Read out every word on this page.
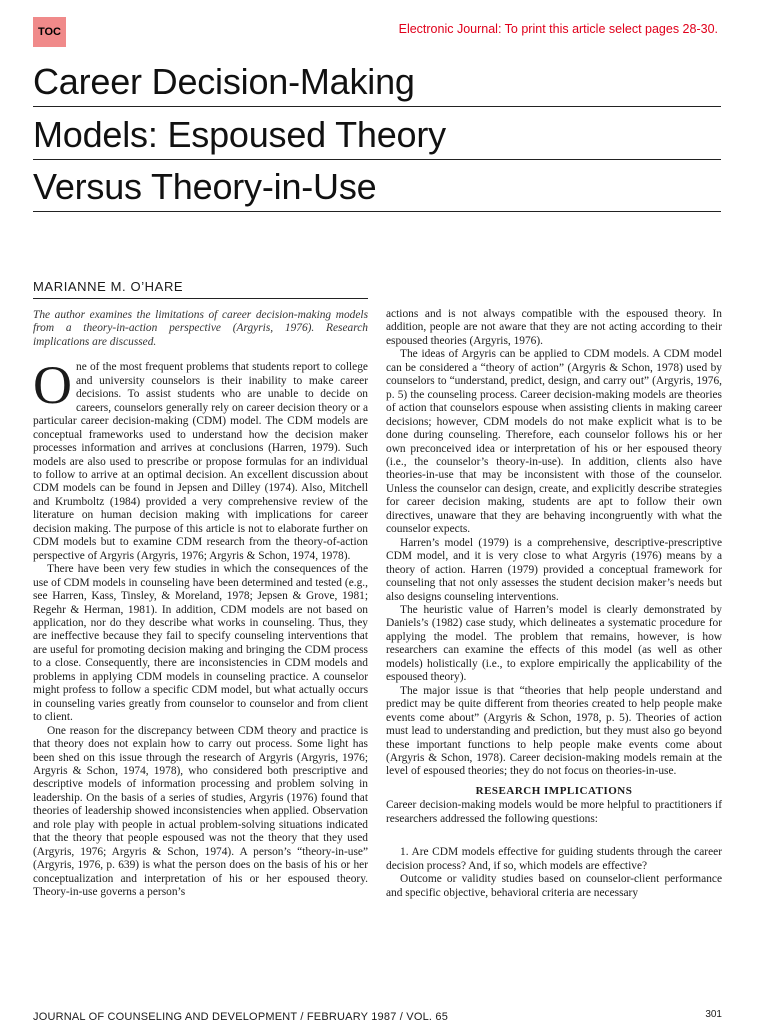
TOC	Electronic Journal: To print this article select pages 28-30.
Career Decision-Making
Models: Espoused Theory
Versus Theory-in-Use
MARIANNE M. O’HARE

The author examines the limitations of career decision-making models from a theory-in-action perspective (Argyris, 1976). Research implications are discussed.

One of the most frequent problems that students report to college and university counselors is their inability to make career decisions. To assist students who are unable to decide on careers, counselors generally rely on career decision theory or a particular career decision-making (CDM) model. The CDM models are conceptual frameworks used to understand how the decision maker processes information and arrives at conclusions (Harren, 1979). Such models are also used to prescribe or propose formulas for an individual to follow to arrive at an optimal decision. An excellent discussion about CDM models can be found in Jepsen and Dilley (1974). Also, Mitchell and Krumboltz (1984) provided a very comprehensive review of the literature on human decision making with implications for career decision making. The purpose of this article is not to elaborate further on CDM models but to examine CDM research from the theory-of-action perspective of Argyris (Argyris, 1976; Argyris & Schon, 1974, 1978).

There have been very few studies in which the consequences of the use of CDM models in counseling have been determined and tested (e.g., see Harren, Kass, Tinsley, & Moreland, 1978; Jepsen & Grove, 1981; Regehr & Herman, 1981). In addition, CDM models are not based on application, nor do they describe what works in counseling. Thus, they are ineffective because they fail to specify counseling interventions that are useful for promoting decision making and bringing the CDM process to a close. Consequently, there are inconsistencies in CDM models and problems in applying CDM models in counseling practice. A counselor might profess to follow a specific CDM model, but what actually occurs in counseling varies greatly from counselor to counselor and from client to client.

One reason for the discrepancy between CDM theory and practice is that theory does not explain how to carry out process. Some light has been shed on this issue through the research of Argyris (Argyris, 1976; Argyris & Schon, 1974, 1978), who considered both prescriptive and descriptive models of information processing and problem solving in leadership. On the basis of a series of studies, Argyris (1976) found that theories of leadership showed inconsistencies when applied. Observation and role play with people in actual problem-solving situations indicated that the theory that people espoused was not the theory that they used (Argyris, 1976; Argyris & Schon, 1974). A person’s “theory-in-use” (Argyris, 1976, p. 639) is what the person does on the basis of his or her conceptualization and interpretation of his or her espoused theory. Theory-in-use governs a person’s

actions and is not always compatible with the espoused theory. In addition, people are not aware that they are not acting according to their espoused theories (Argyris, 1976).

The ideas of Argyris can be applied to CDM models. A CDM model can be considered a “theory of action” (Argyris & Schon, 1978) used by counselors to “understand, predict, design, and carry out” (Argyris, 1976, p. 5) the counseling process. Career decision-making models are theories of action that counselors espouse when assisting clients in making career decisions; however, CDM models do not make explicit what is to be done during counseling. Therefore, each counselor follows his or her own preconceived idea or interpretation of his or her espoused theory (i.e., the counselor’s theory-in-use). In addition, clients also have theories-in-use that may be inconsistent with those of the counselor. Unless the counselor can design, create, and explicitly describe strategies for career decision making, students are apt to follow their own directives, unaware that they are behaving incongruently with what the counselor expects.

Harren’s model (1979) is a comprehensive, descriptive-prescriptive CDM model, and it is very close to what Argyris (1976) means by a theory of action. Harren (1979) provided a conceptual framework for counseling that not only assesses the student decision maker’s needs but also designs counseling interventions.

The heuristic value of Harren’s model is clearly demonstrated by Daniels’s (1982) case study, which delineates a systematic procedure for applying the model. The problem that remains, however, is how researchers can examine the effects of this model (as well as other models) holistically (i.e., to explore empirically the applicability of the espoused theory).

The major issue is that “theories that help people understand and predict may be quite different from theories created to help people make events come about” (Argyris & Schon, 1978, p. 5). Theories of action must lead to understanding and prediction, but they must also go beyond these important functions to help people make events come about (Argyris & Schon, 1978). Career decision-making models remain at the level of espoused theories; they do not focus on theories-in-use.

RESEARCH IMPLICATIONS

Career decision-making models would be more helpful to practitioners if researchers addressed the following questions:

1. Are CDM models effective for guiding students through the career decision process? And, if so, which models are effective?

Outcome or validity studies based on counselor-client performance and specific objective, behavioral criteria are necessary

JOURNAL OF COUNSELING AND DEVELOPMENT / FEBRUARY 1987 / VOL. 65	301
